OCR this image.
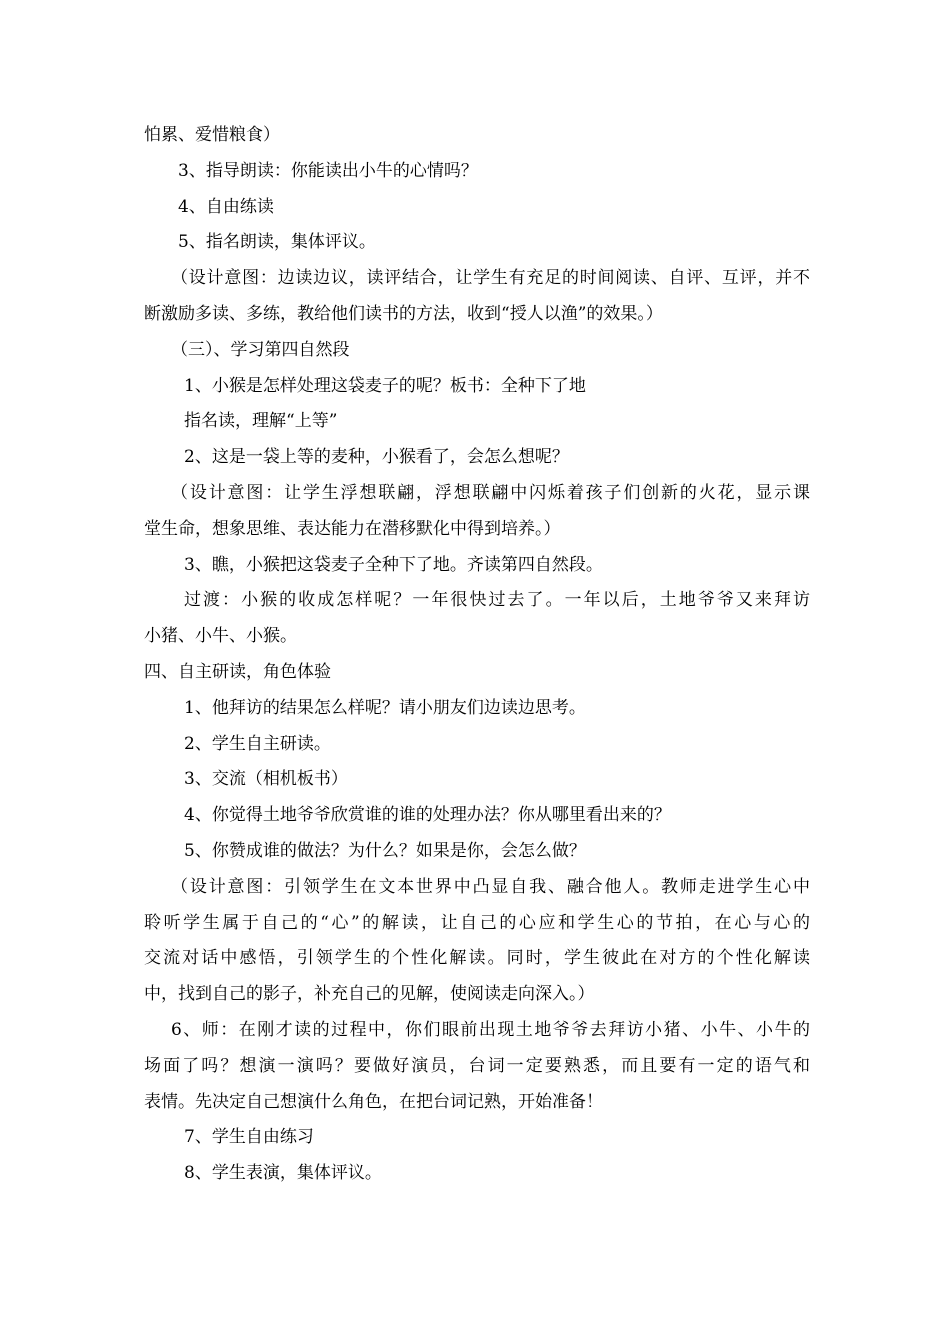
怕累、爱惜粮食）
3、指导朗读：你能读出小牛的心情吗？
4、自由练读
5、指名朗读，集体评议。
（设计意图：边读边议，读评结合，让学生有充足的时间阅读、自评、互评，并不
断激励多读、多练，教给他们读书的方法，收到“授人以渔”的效果。）
（三）、学习第四自然段
1、小猴是怎样处理这袋麦子的呢？板书：全种下了地
指名读，理解“上等”
2、这是一袋上等的麦种，小猴看了，会怎么想呢？
（设计意图：让学生浮想联翩，浮想联翩中闪烁着孩子们创新的火花，显示课
堂生命，想象思维、表达能力在潜移默化中得到培养。）
3、瞧，小猴把这袋麦子全种下了地。齐读第四自然段。
过渡：小猴的收成怎样呢？一年很快过去了。一年以后，土地爷爷又来拜访
小猪、小牛、小猴。
四、自主研读，角色体验
1、他拜访的结果怎么样呢？请小朋友们边读边思考。
2、学生自主研读。
3、交流（相机板书）
4、你觉得土地爷爷欣赏谁的谁的处理办法？你从哪里看出来的？
5、你赞成谁的做法？为什么？如果是你，会怎么做？
（设计意图：引领学生在文本世界中凸显自我、融合他人。教师走进学生心中
聆听学生属于自己的“心”的解读，让自己的心应和学生心的节拍，在心与心的
交流对话中感悟，引领学生的个性化解读。同时，学生彼此在对方的个性化解读
中，找到自己的影子，补充自己的见解，使阅读走向深入。）
6、师：在刚才读的过程中，你们眼前出现土地爷爷去拜访小猪、小牛、小牛的
场面了吗？想演一演吗？要做好演员，台词一定要熟悉，而且要有一定的语气和
表情。先决定自己想演什么角色，在把台词记熟，开始准备！
7、学生自由练习
8、学生表演，集体评议。
